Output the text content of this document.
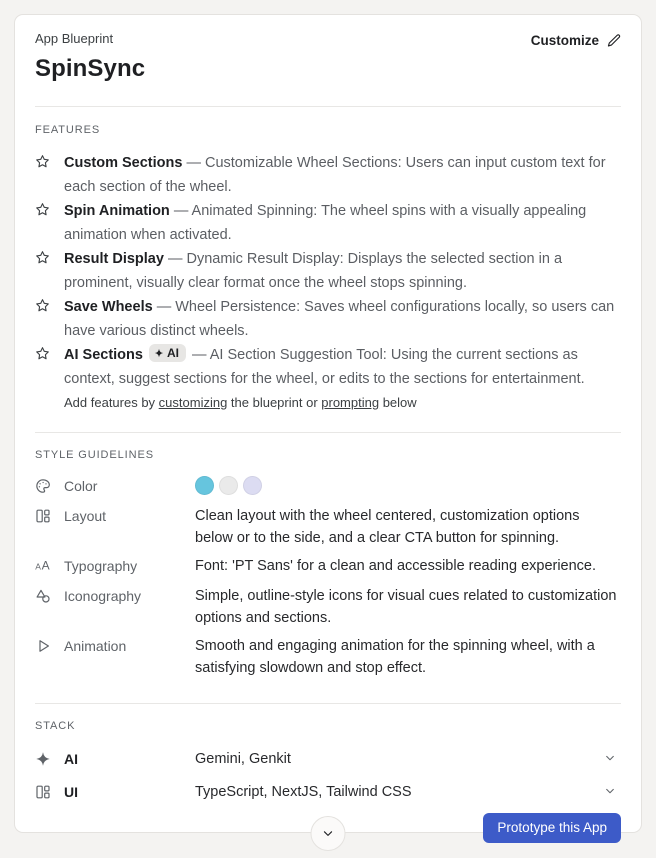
App Blueprint
SpinSync
Customize
FEATURES

Custom Sections — Customizable Wheel Sections: Users can input custom text for each section of the wheel.

Spin Animation — Animated Spinning: The wheel spins with a visually appealing animation when activated.

Result Display — Dynamic Result Display: Displays the selected section in a prominent, visually clear format once the wheel stops spinning.

Save Wheels — Wheel Persistence: Saves wheel configurations locally, so users can have various distinct wheels.

AI Sections AI — AI Section Suggestion Tool: Using the current sections as context, suggest sections for the wheel, or edits to the sections for entertainment.

Add features by customizing the blueprint or prompting below

STYLE GUIDELINES
Color
Layout	Clean layout with the wheel centered, customization options below or to the side, and a clear CTA button for spinning.
A A Typography	Font: 'PT Sans' for a clean and accessible reading experience.
Iconography	Simple, outline-style icons for visual cues related to customization options and sections.
Animation	Smooth and engaging animation for the spinning wheel, with a satisfying slowdown and stop effect.
STACK
AI	Gemini, Genkit
UI	TypeScript, NextJS, Tailwind CSS
Prototype this App
